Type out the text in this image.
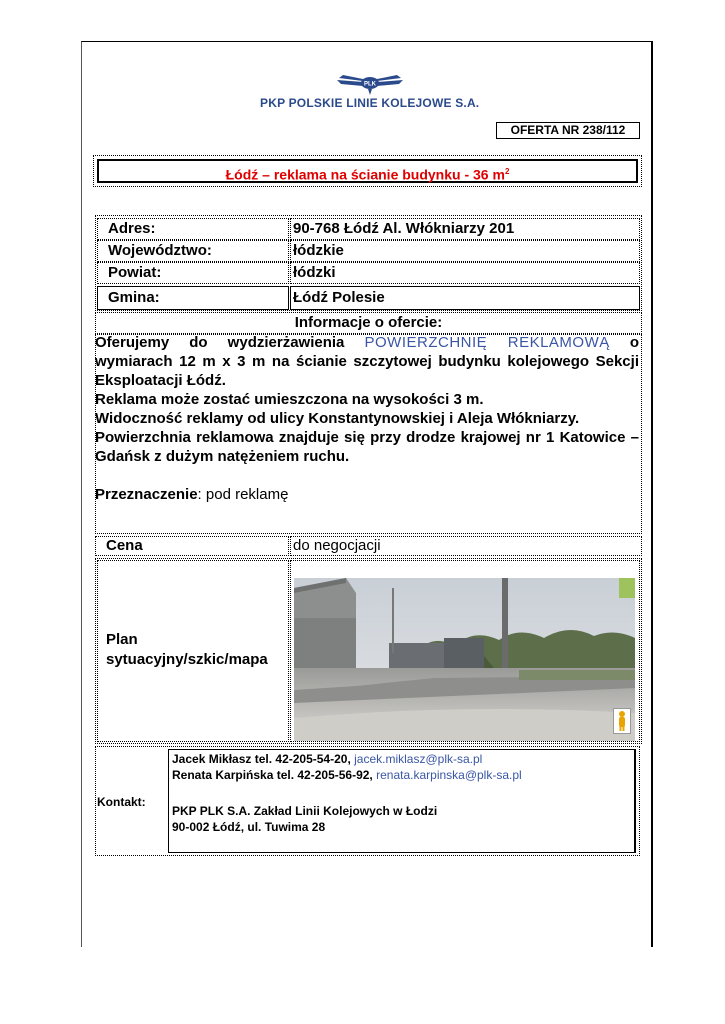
PLK
PKP POLSKIE LINIE KOLEJOWE S.A.
OFERTA NR 238/112
Łódź – reklama na ścianie budynku - 36 $m^2$
Adres:	90-768 Łódź Al. Włókniarzy 201
Województwo:	łódzkie
Powiat:	łódzki
Gmina:	Łódź Polesie
Informacje o ofercie:

Oferujemy do wydzierżawienia POWIERZCHNIĘ REKLAMOWĄ o wymiarach 12 m x 3 m na ścianie szczytowej budynku kolejowego Sekcji Eksploatacji Łódź.

Reklama może zostać umieszczona na wysokości 3 m.

Widoczność reklamy od ulicy Konstantynowskiej i Aleja Włókniarzy.

Powierzchnia reklamowa znajduje się przy drodze krajowej nr 1 Katowice – Gdańsk z dużym natężeniem ruchu.

Przeznaczenie: pod reklamę

Cena	do negocjacji
Plan sytuacyjny/szkic/mapa
Kontakt:
Jacek Mikłasz tel. 42-205-54-20, jacek.miklasz@plk-sa.pl
Renata Karpińska tel. 42-205-56-92, renata.karpinska@plk-sa.pl
PKP PLK S.A. Zakład Linii Kolejowych w Łodzi
90-002 Łódź, ul. Tuwima 28
